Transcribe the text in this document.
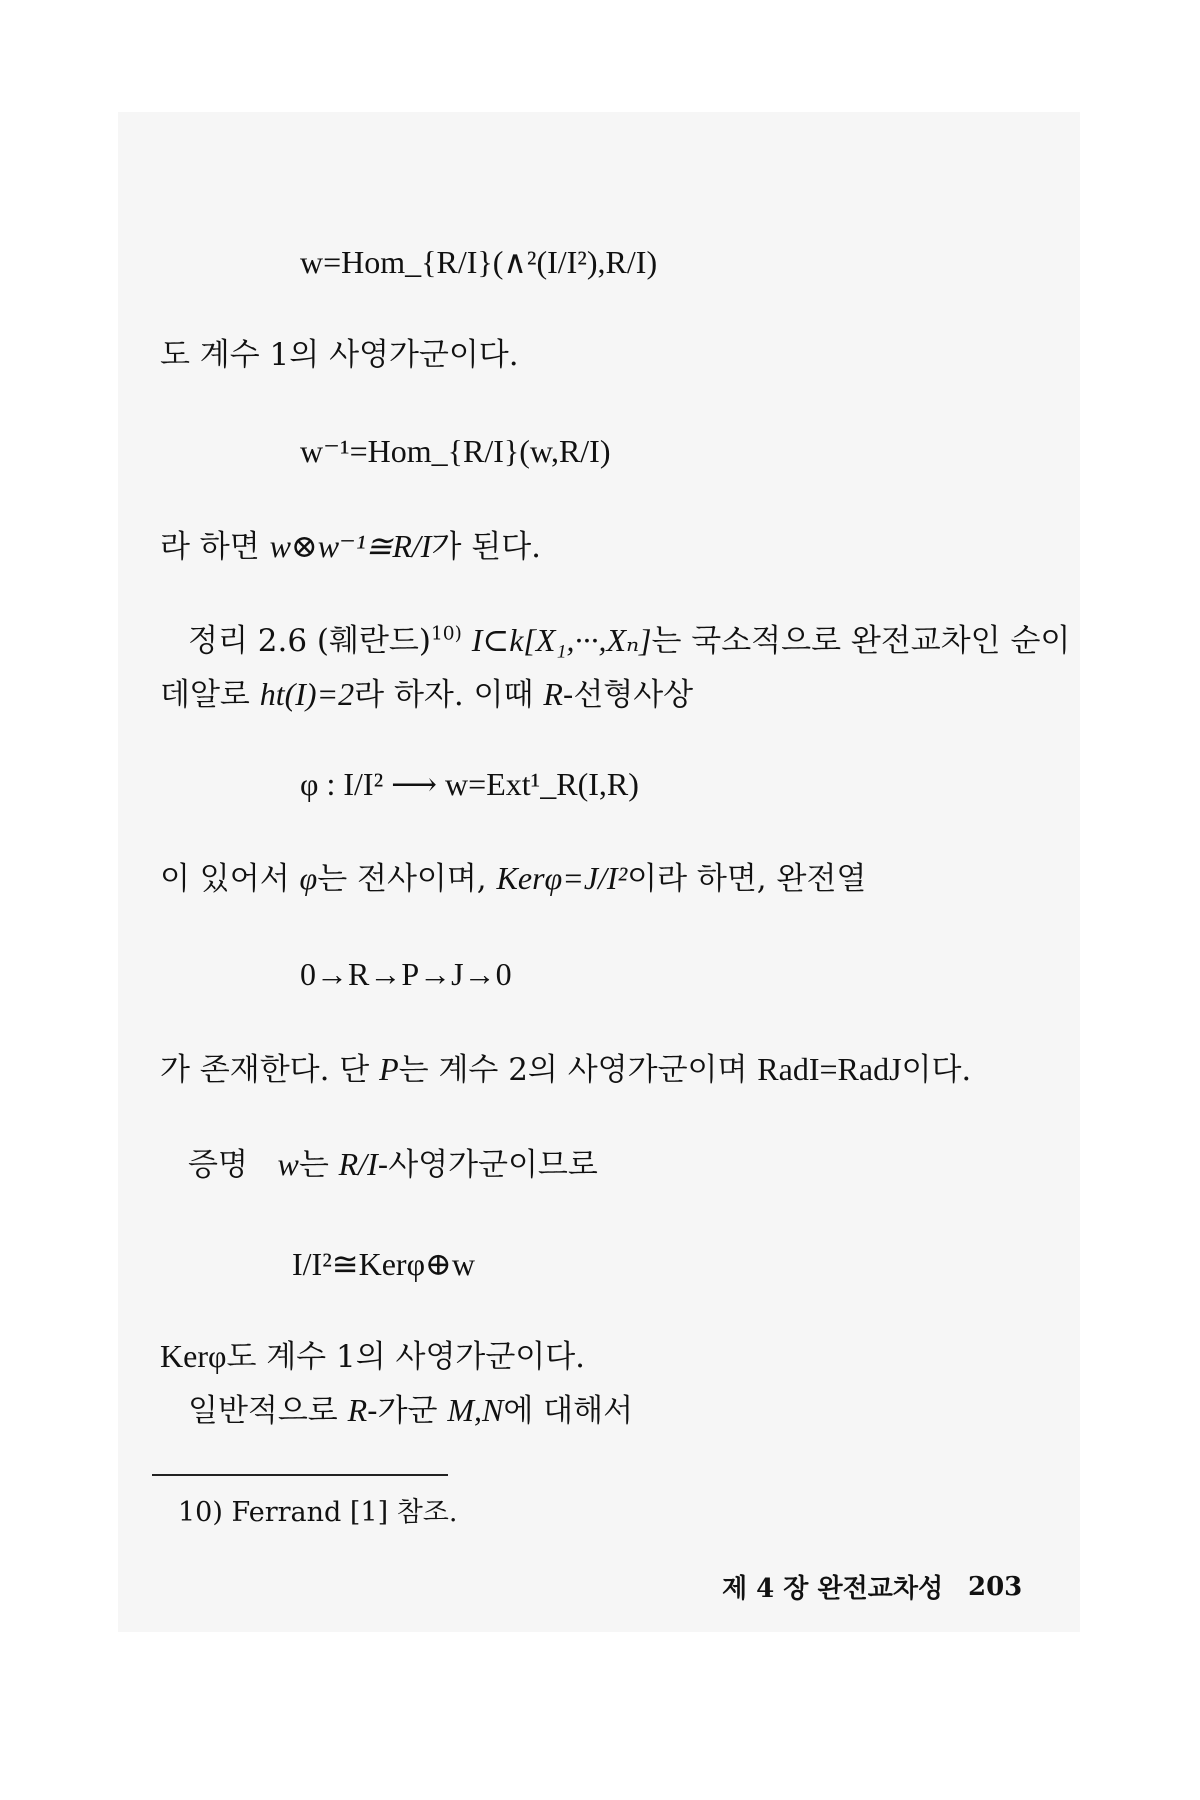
w=Hom_{R/I}(∧²(I/I²),R/I)
도 계수 1의 사영가군이다.
w⁻¹=Hom_{R/I}(w,R/I)
라 하면 w⊗w⁻¹≅R/I가 된다.
정리 2.6 (훼란드)$^{10)}$ I⊂k[X₁,···,Xₙ]는 국소적으로 완전교차인 순이
데알로 ht(I)=2라 하자. 이때 R-선형사상
φ : I/I² ⟶ w=Ext¹_R(I,R)
이 있어서 φ는 전사이며, Kerφ=J/I²이라 하면, 완전열
0→R→P→J→0
가 존재한다. 단 P는 계수 2의 사영가군이며 RadI=RadJ이다.
증명 w는 R/I-사영가군이므로
I/I²≅Kerφ⊕w
Kerφ도 계수 1의 사영가군이다.
일반적으로 R-가군 M,N에 대해서
10) Ferrand [1] 참조.
제 4 장 완전교차성 203
